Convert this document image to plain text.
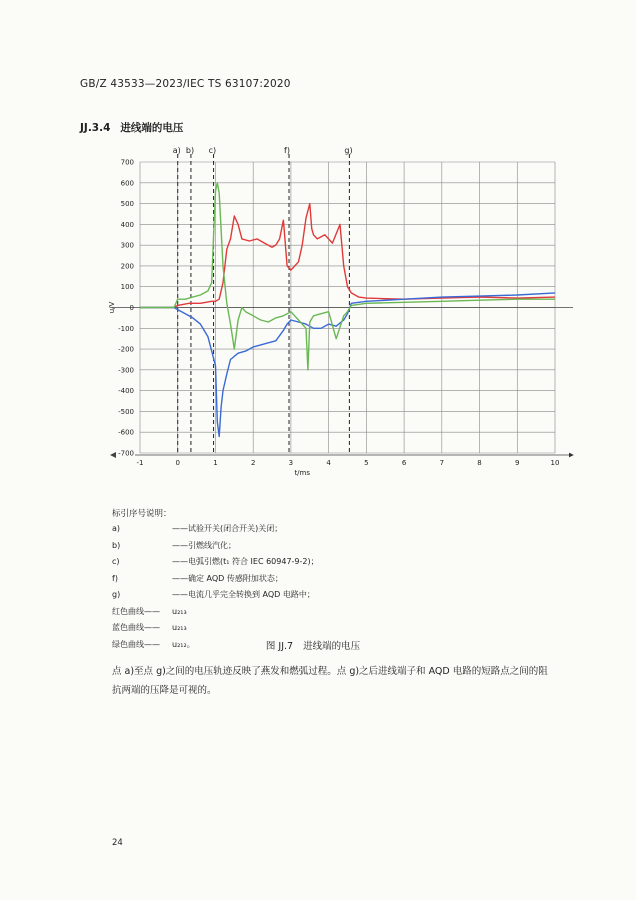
GB/Z 43533—2023/IEC TS 63107:2020
JJ.3.4 进线端的电压
-1	0	1	2	3	4	5	6	7	8	9	10
700
600
500
400
300
200
100
0
-100
-200
-300
-400
-500
-600
-700
a) b) c)	f)	g)
t/ms
u/V
标引序号说明：
a)	——试验开关(闭合开关)关闭；
b)	——引燃线汽化；
c)	——电弧引燃(t₁ 符合 IEC 60947-9-2)；
f)	——确定 AQD 传感附加状态；
g)	——电流几乎完全转换到 AQD 电路中；
红色曲线—— u₂₁₃
蓝色曲线—— u₂₁₃
绿色曲线—— u₂₁₂。	图 JJ.7 进线端的电压
点 a)至点 g)之间的电压轨迹反映了燕发和燃弧过程。点 g)之后进线端子和 AQD 电路的短路点之间的阻抗两端的压降是可视的。
24
